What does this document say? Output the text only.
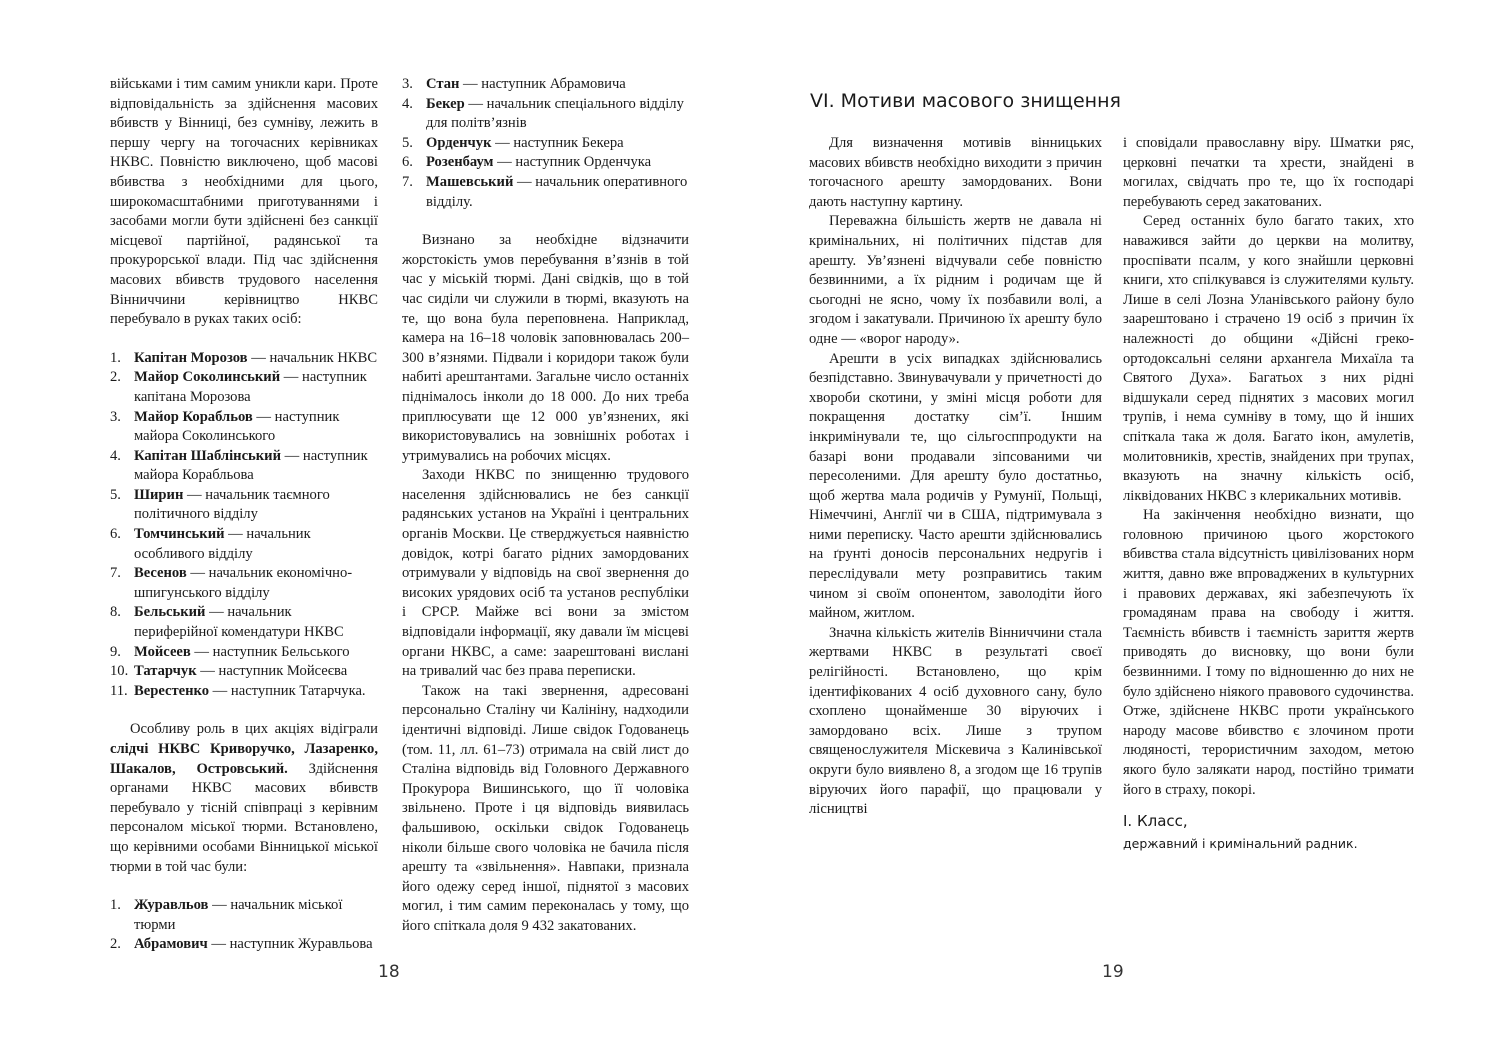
військами і тим самим уникли кари. Проте відповідальність за здійснення масових вбивств у Вінниці, без сумніву, лежить в першу чергу на тогочасних керівниках НКВС. Повністю виключено, щоб масові вбивства з необхідними для цього, широкомасштабними приготуваннями і засобами могли бути здійснені без санкції місцевої партійної, радянської та прокурорської влади. Під час здійснення масових вбивств трудового населення Вінниччини керівництво НКВС перебувало в руках таких осіб:

1. Капітан Морозов — начальник НКВС
2. Майор Соколинський — наступник капітана Морозова
3. Майор Корабльов — наступник майора Соколинського
4. Капітан Шаблінський — наступник майора Корабльова
5. Ширин — начальник таємного політичного відділу
6. Томчинський — начальник особливого відділу
7. Весенов — начальник економічно-шпигунського відділу
8. Бельський — начальник периферійної комендатури НКВС
9. Мойсеев — наступник Бельського
10. Татарчук — наступник Мойсеєва
11. Верестенко — наступник Татарчука.

Особливу роль в цих акціях відіграли слідчі НКВС Криворучко, Лазаренко, Шакалов, Островський. Здійснення органами НКВС масових вбивств перебувало у тісній співпраці з керівним персоналом міської тюрми. Встановлено, що керівними особами Вінницької міської тюрми в той час були:

1. Журавльов — начальник міської тюрми
2. Абрамович — наступник Журавльова
3. Стан — наступник Абрамовича
4. Бекер — начальник спеціального відділу для політв’язнів
5. Орденчук — наступник Бекера
6. Розенбаум — наступник Орденчука
7. Машевський — начальник оперативного відділу.

Визнано за необхідне відзначити жорстокість умов перебування в’язнів в той час у міській тюрмі. Дані свідків, що в той час сиділи чи служили в тюрмі, вказують на те, що вона була переповнена. Наприклад, камера на 16–18 чоловік заповнювалась 200–300 в’язнями. Підвали і коридори також були набиті арештантами. Загальне число останніх піднімалось інколи до 18 000. До них треба приплюсувати ще 12 000 ув’язнених, які використовувались на зовнішніх роботах і утримувались на робочих місцях.

Заходи НКВС по знищенню трудового населення здійснювались не без санкції радянських установ на Україні і центральних органів Москви. Це стверджується наявністю довідок, котрі багато рідних замордованих отримували у відповідь на свої звернення до високих урядових осіб та установ республіки і СРСР. Майже всі вони за змістом відповідали інформації, яку давали їм місцеві органи НКВС, а саме: заарештовані вислані на тривалий час без права переписки.

Також на такі звернення, адресовані персонально Сталіну чи Калініну, надходили ідентичні відповіді. Лише свідок Годованець (том. 11, лл. 61–73) отримала на свій лист до Сталіна відповідь від Головного Державного Прокурора Вишинського, що її чоловіка звільнено. Проте і ця відповідь виявилась фальшивою, оскільки свідок Годованець ніколи більше свого чоловіка не бачила після арешту та «звільнення». Навпаки, признала його одежу серед іншої, піднятої з масових могил, і тим самим переконалась у тому, що його спіткала доля 9 432 закатованих.

18
VI. Мотиви масового знищення

Для визначення мотивів вінницьких масових вбивств необхідно виходити з причин тогочасного арешту замордованих. Вони дають наступну картину.

Переважна більшість жертв не давала ні кримінальних, ні політичних підстав для арешту. Ув’язнені відчували себе повністю безвинними, а їх рідним і родичам ще й сьогодні не ясно, чому їх позбавили волі, а згодом і закатували. Причиною їх арешту було одне — «ворог народу».

Арешти в усіх випадках здійснювались безпідставно. Звинувачували у причетності до хвороби скотини, у зміні місця роботи для покращення достатку сім’ї. Іншим інкримінували те, що сільгосппродукти на базарі вони продавали зіпсованими чи пересоленими. Для арешту було достатньо, щоб жертва мала родичів у Румунії, Польщі, Німеччині, Англії чи в США, підтримувала з ними переписку. Часто арешти здійснювались на ґрунті доносів персональних недругів і переслідували мету розправитись таким чином зі своїм опонентом, заволодіти його майном, житлом.

Значна кількість жителів Вінниччини стала жертвами НКВС в результаті своєї релігійності. Встановлено, що крім ідентифікованих 4 осіб духовного сану, було схоплено щонайменше 30 віруючих і замордовано всіх. Лише з трупом священослужителя Міскевича з Калинівської округи було виявлено 8, а згодом ще 16 трупів віруючих його парафії, що працювали у лісництві

і сповідали православну віру. Шматки ряс, церковні печатки та хрести, знайдені в могилах, свідчать про те, що їх господарі перебувають серед закатованих.

Серед останніх було багато таких, хто наважився зайти до церкви на молитву, проспівати псалм, у кого знайшли церковні книги, хто спілкувався із служителями культу. Лише в селі Лозна Уланівського району було заарештовано і страчено 19 осіб з причин їх належності до общини «Дійсні греко-ортодоксальні селяни архангела Михаїла та Святого Духа». Багатьох з них рідні відшукали серед піднятих з масових могил трупів, і нема сумніву в тому, що й інших спіткала така ж доля. Багато ікон, амулетів, молитовників, хрестів, знайдених при трупах, вказують на значну кількість осіб, ліквідованих НКВС з клерикальних мотивів.

На закінчення необхідно визнати, що головною причиною цього жорстокого вбивства стала відсутність цивілізованих норм життя, давно вже впроваджених в культурних і правових державах, які забезпечують їх громадянам права на свободу і життя. Таємність вбивств і таємність зариття жертв приводять до висновку, що вони були безвинними. І тому по відношенню до них не було здійснено ніякого правового судочинства. Отже, здійснене НКВС проти українського народу масове вбивство є злочином проти людяності, терористичним заходом, метою якого було залякати народ, постійно тримати його в страху, покорі.

І. Класс,
державний і кримінальний радник.
19
